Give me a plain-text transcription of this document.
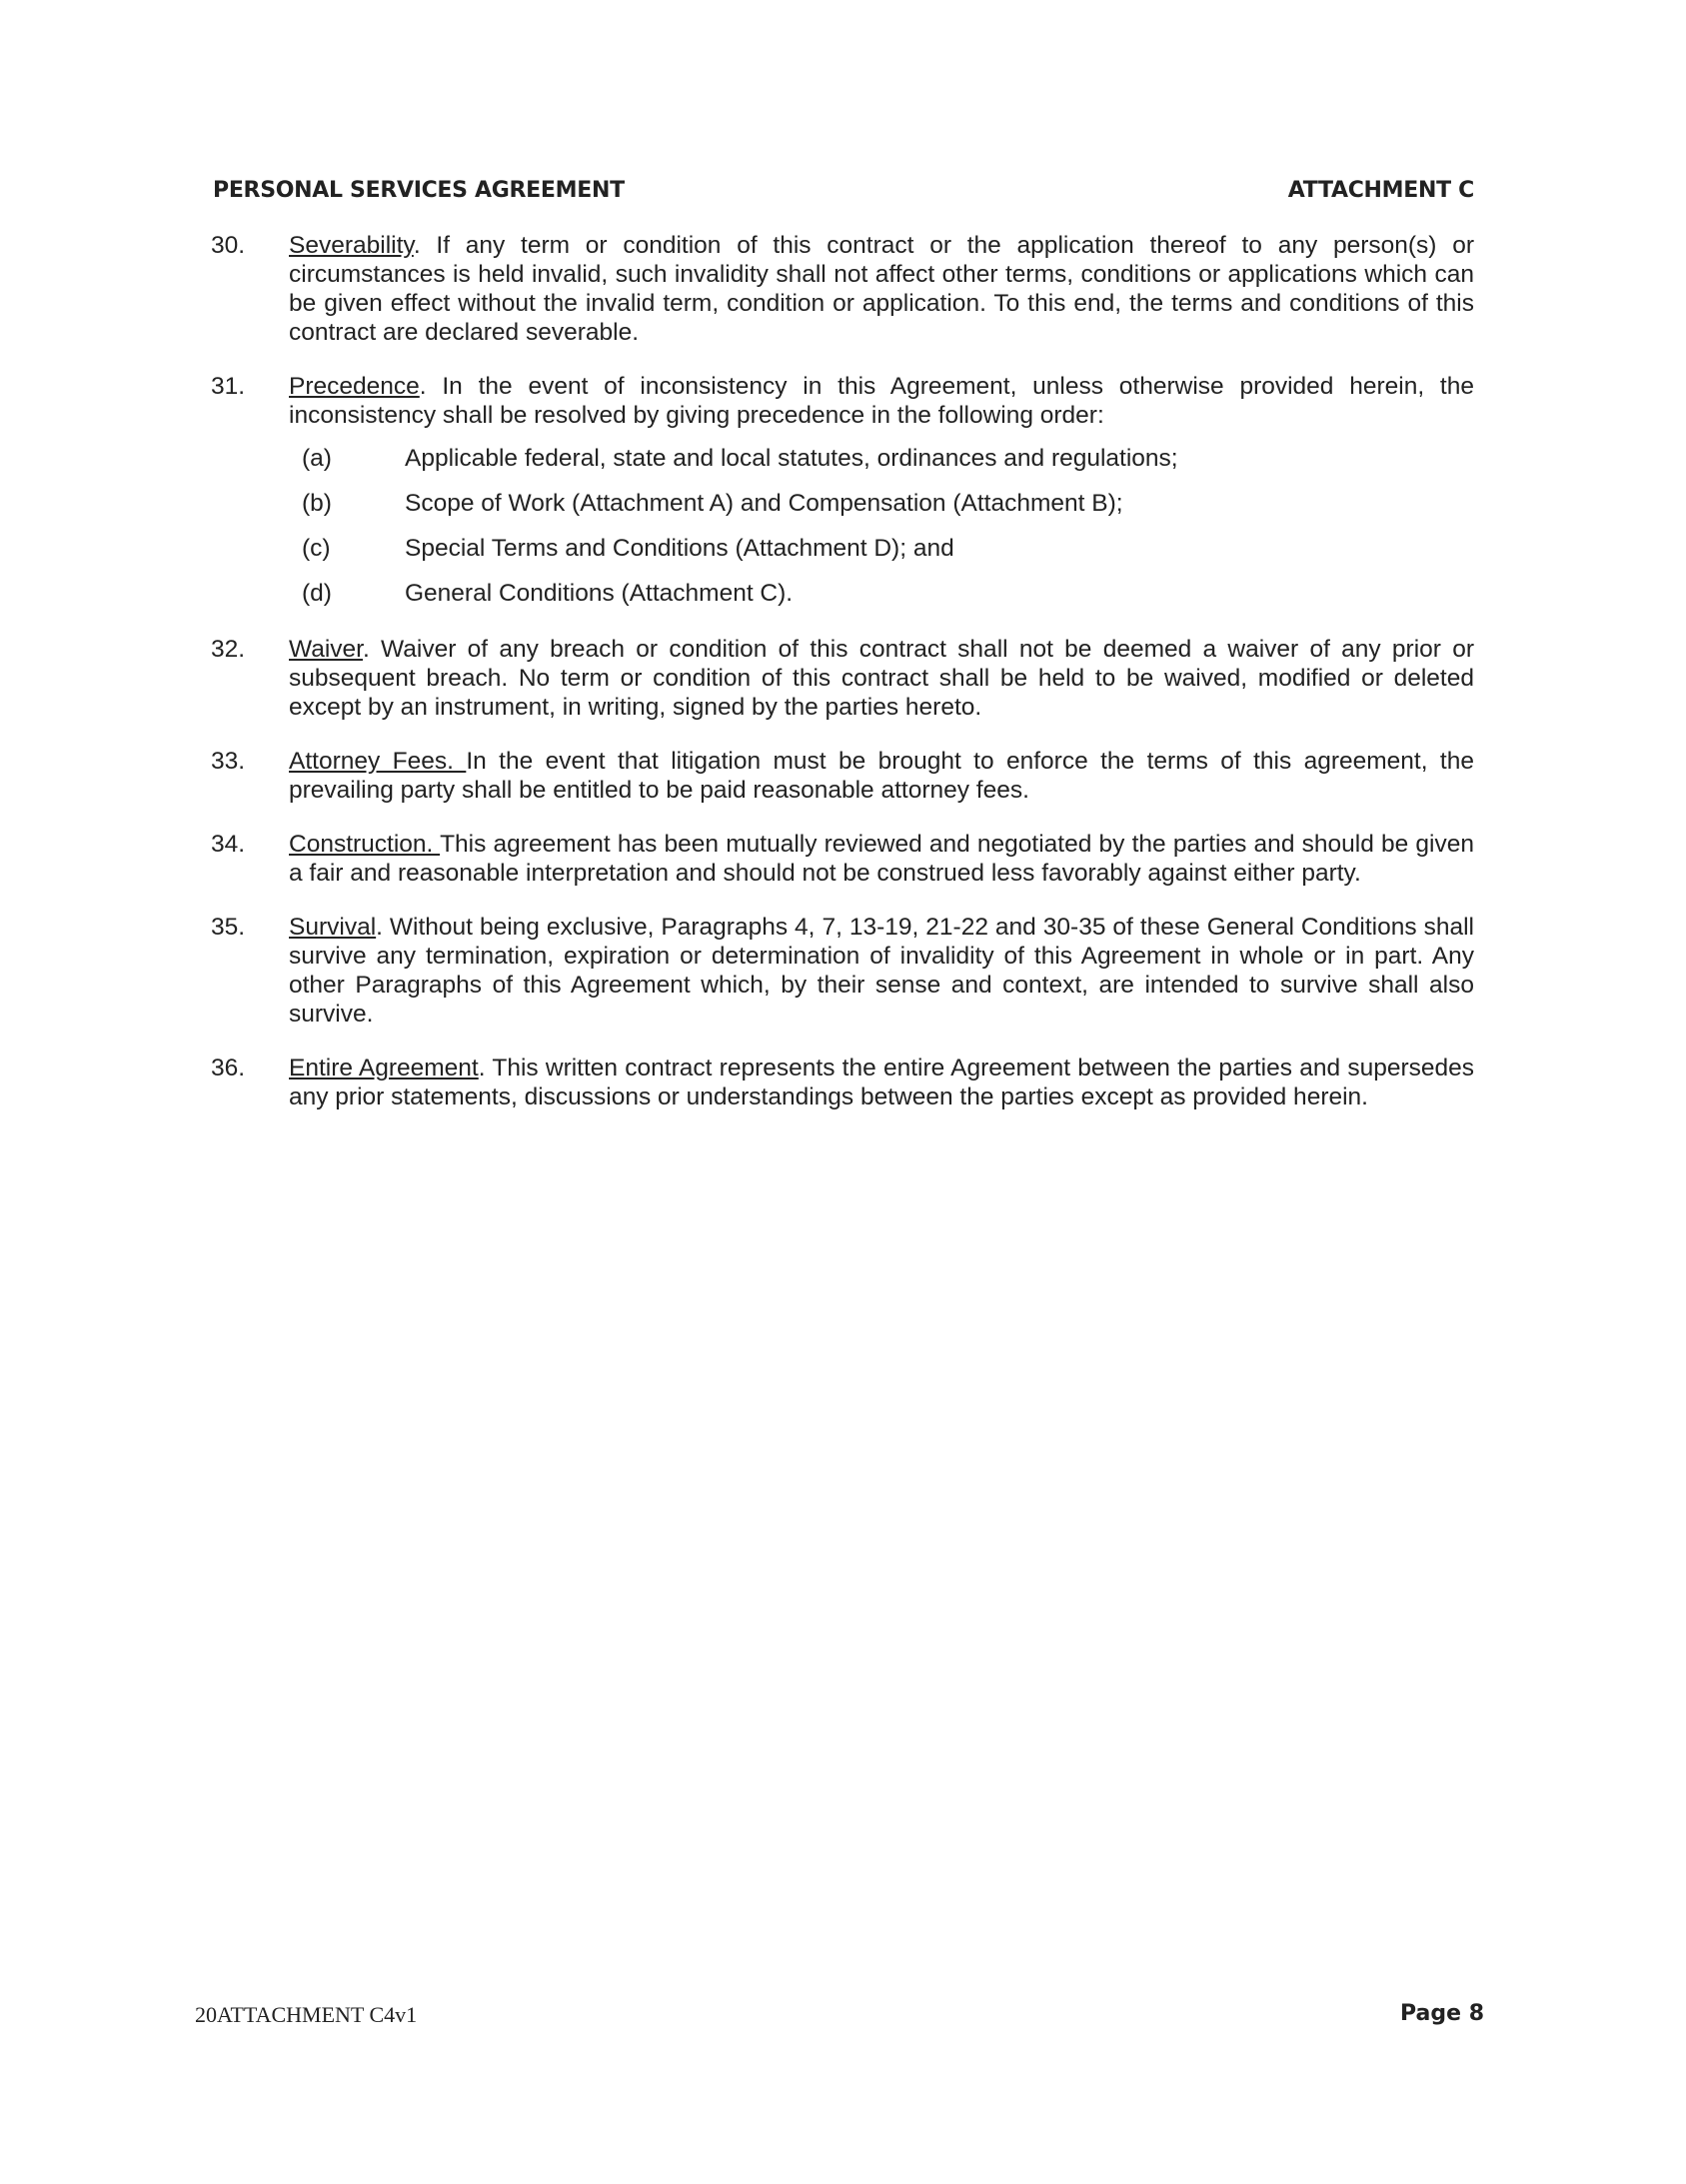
PERSONAL SERVICES AGREEMENT	ATTACHMENT C
30.	Severability. If any term or condition of this contract or the application thereof to any person(s) or circumstances is held invalid, such invalidity shall not affect other terms, conditions or applications which can be given effect without the invalid term, condition or application. To this end, the terms and conditions of this contract are declared severable.
31.	Precedence. In the event of inconsistency in this Agreement, unless otherwise provided herein, the inconsistency shall be resolved by giving precedence in the following order:
(a)	Applicable federal, state and local statutes, ordinances and regulations;
(b)	Scope of Work (Attachment A) and Compensation (Attachment B);
(c)	Special Terms and Conditions (Attachment D); and
(d)	General Conditions (Attachment C).
32.	Waiver. Waiver of any breach or condition of this contract shall not be deemed a waiver of any prior or subsequent breach. No term or condition of this contract shall be held to be waived, modified or deleted except by an instrument, in writing, signed by the parties hereto.
33.	Attorney Fees. In the event that litigation must be brought to enforce the terms of this agreement, the prevailing party shall be entitled to be paid reasonable attorney fees.
34.	Construction. This agreement has been mutually reviewed and negotiated by the parties and should be given a fair and reasonable interpretation and should not be construed less favorably against either party.
35.	Survival. Without being exclusive, Paragraphs 4, 7, 13-19, 21-22 and 30-35 of these General Conditions shall survive any termination, expiration or determination of invalidity of this Agreement in whole or in part. Any other Paragraphs of this Agreement which, by their sense and context, are intended to survive shall also survive.
36.	Entire Agreement. This written contract represents the entire Agreement between the parties and supersedes any prior statements, discussions or understandings between the parties except as provided herein.
20ATTACHMENT C4v1	Page 8
